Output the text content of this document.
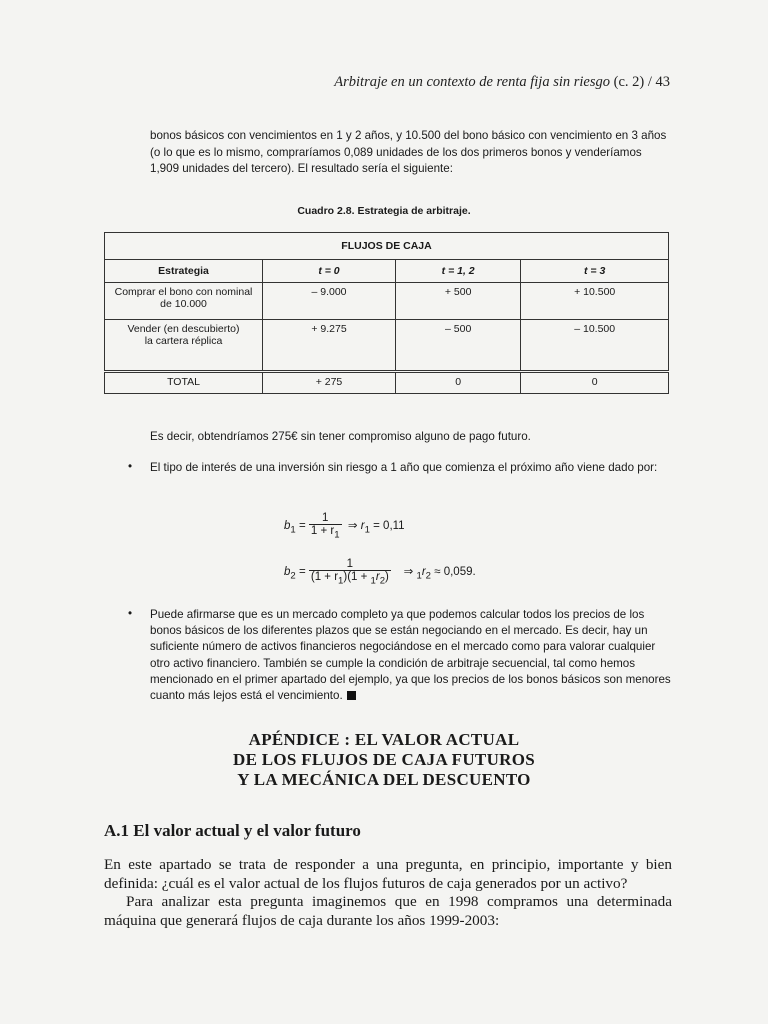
Arbitraje en un contexto de renta fija sin riesgo (c. 2) / 43
bonos básicos con vencimientos en 1 y 2 años, y 10.500 del bono básico con vencimiento en 3 años (o lo que es lo mismo, compraríamos 0,089 unidades de los dos primeros bonos y venderíamos 1,909 unidades del tercero). El resultado sería el siguiente:
Cuadro 2.8. Estrategia de arbitraje.
FLUJOS DE CAJA			
Estrategia	t = 0	t = 1, 2	t = 3
Comprar el bono con nominal de 10.000	– 9.000	+ 500	+ 10.500
Vender (en descubierto) la cartera réplica	+ 9.275	– 500	– 10.500
TOTAL	+ 275	0	0
Es decir, obtendríamos 275€ sin tener compromiso alguno de pago futuro.
• El tipo de interés de una inversión sin riesgo a 1 año que comienza el próximo año viene dado por:
$b_1 = \frac{1}{1 + r_1}$ ⇒ $r_1 = 0,11$
$b_2 = \frac{1}{(1 + r_1)(1 + _1r_2)}$ ⇒ $_1r_2 \approx 0,059$.
• Puede afirmarse que es un mercado completo ya que podemos calcular todos los precios de los bonos básicos de los diferentes plazos que se están negociando en el mercado. Es decir, hay un suficiente número de activos financieros negociándose en el mercado como para valorar cualquier otro activo financiero. También se cumple la condición de arbitraje secuencial, tal como hemos mencionado en el primer apartado del ejemplo, ya que los precios de los bonos básicos son menores cuanto más lejos está el vencimiento.
APÉNDICE : EL VALOR ACTUAL
DE LOS FLUJOS DE CAJA FUTUROS
Y LA MECÁNICA DEL DESCUENTO
A.1 El valor actual y el valor futuro

En este apartado se trata de responder a una pregunta, en principio, importante y bien definida: ¿cuál es el valor actual de los flujos futuros de caja generados por un activo?

Para analizar esta pregunta imaginemos que en 1998 compramos una determinada máquina que generará flujos de caja durante los años 1999-2003:
